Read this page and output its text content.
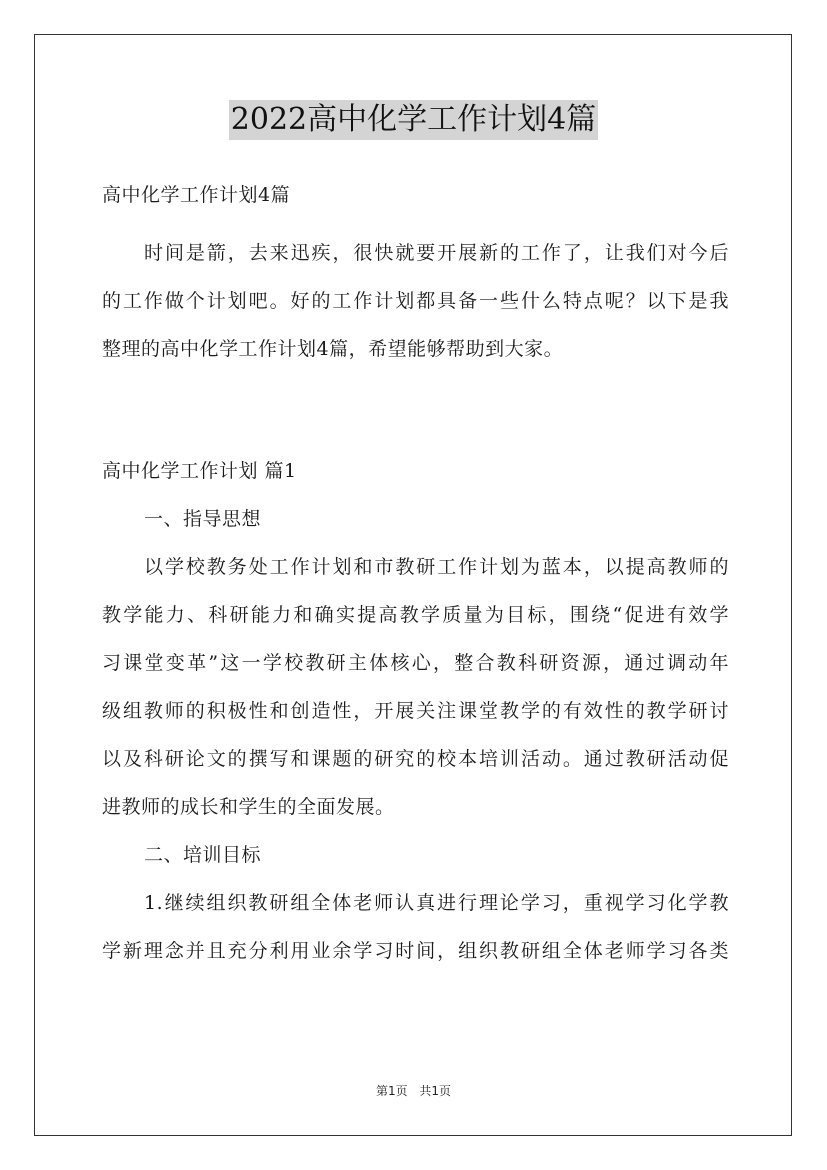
2022高中化学工作计划4篇
高中化学工作计划4篇
时间是箭，去来迅疾，很快就要开展新的工作了，让我们对今后
的工作做个计划吧。好的工作计划都具备一些什么特点呢？以下是我
整理的高中化学工作计划4篇，希望能够帮助到大家。
高中化学工作计划 篇1
一、指导思想
以学校教务处工作计划和市教研工作计划为蓝本，以提高教师的
教学能力、科研能力和确实提高教学质量为目标，围绕“促进有效学
习课堂变革”这一学校教研主体核心，整合教科研资源，通过调动年
级组教师的积极性和创造性，开展关注课堂教学的有效性的教学研讨
以及科研论文的撰写和课题的研究的校本培训活动。通过教研活动促
进教师的成长和学生的全面发展。
二、培训目标
1.继续组织教研组全体老师认真进行理论学习，重视学习化学教
学新理念并且充分利用业余学习时间，组织教研组全体老师学习各类
第1页 共1页
